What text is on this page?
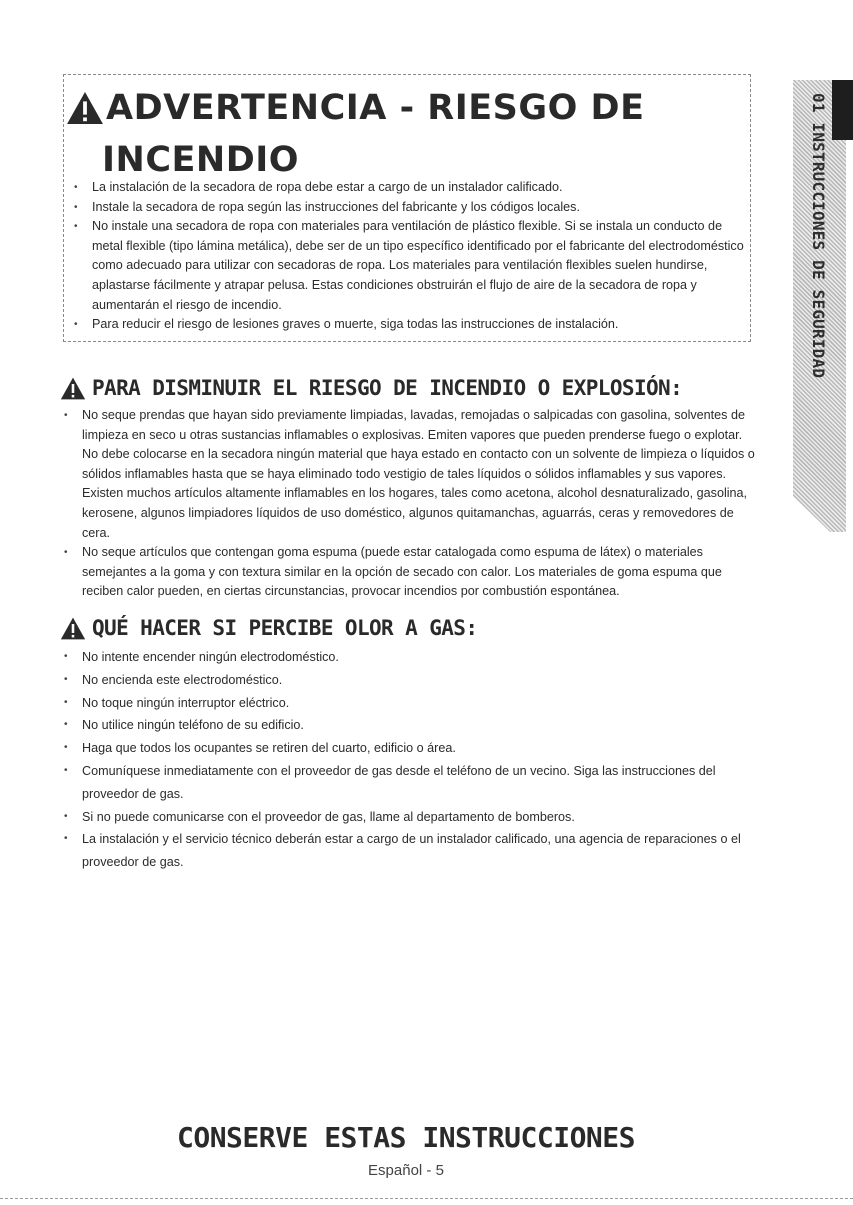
ADVERTENCIA - RIESGO DE
INCENDIO
• La instalación de la secadora de ropa debe estar a cargo de un instalador calificado.
• Instale la secadora de ropa según las instrucciones del fabricante y los códigos locales.
• No instale una secadora de ropa con materiales para ventilación de plástico flexible. Si se instala un conducto de metal flexible (tipo lámina metálica), debe ser de un tipo específico identificado por el fabricante del electrodoméstico como adecuado para utilizar con secadoras de ropa. Los materiales para ventilación flexibles suelen hundirse, aplastarse fácilmente y atrapar pelusa. Estas condiciones obstruirán el flujo de aire de la secadora de ropa y aumentarán el riesgo de incendio.
• Para reducir el riesgo de lesiones graves o muerte, siga todas las instrucciones de instalación.
PARA DISMINUIR EL RIESGO DE INCENDIO O EXPLOSIÓN:
• No seque prendas que hayan sido previamente limpiadas, lavadas, remojadas o salpicadas con gasolina, solventes de limpieza en seco u otras sustancias inflamables o explosivas. Emiten vapores que pueden prenderse fuego o explotar. No debe colocarse en la secadora ningún material que haya estado en contacto con un solvente de limpieza o líquidos o sólidos inflamables hasta que se haya eliminado todo vestigio de tales líquidos o sólidos inflamables y sus vapores. Existen muchos artículos altamente inflamables en los hogares, tales como acetona, alcohol desnaturalizado, gasolina, kerosene, algunos limpiadores líquidos de uso doméstico, algunos quitamanchas, aguarrás, ceras y removedores de cera.
• No seque artículos que contengan goma espuma (puede estar catalogada como espuma de látex) o materiales semejantes a la goma y con textura similar en la opción de secado con calor. Los materiales de goma espuma que reciben calor pueden, en ciertas circunstancias, provocar incendios por combustión espontánea.
QUÉ HACER SI PERCIBE OLOR A GAS:
• No intente encender ningún electrodoméstico.
• No encienda este electrodoméstico.
• No toque ningún interruptor eléctrico.
• No utilice ningún teléfono de su edificio.
• Haga que todos los ocupantes se retiren del cuarto, edificio o área.
• Comuníquese inmediatamente con el proveedor de gas desde el teléfono de un vecino. Siga las instrucciones del proveedor de gas.
• Si no puede comunicarse con el proveedor de gas, llame al departamento de bomberos.
• La instalación y el servicio técnico deberán estar a cargo de un instalador calificado, una agencia de reparaciones o el proveedor de gas.
CONSERVE ESTAS INSTRUCCIONES
Español - 5
01 INSTRUCCIONES DE SEGURIDAD
